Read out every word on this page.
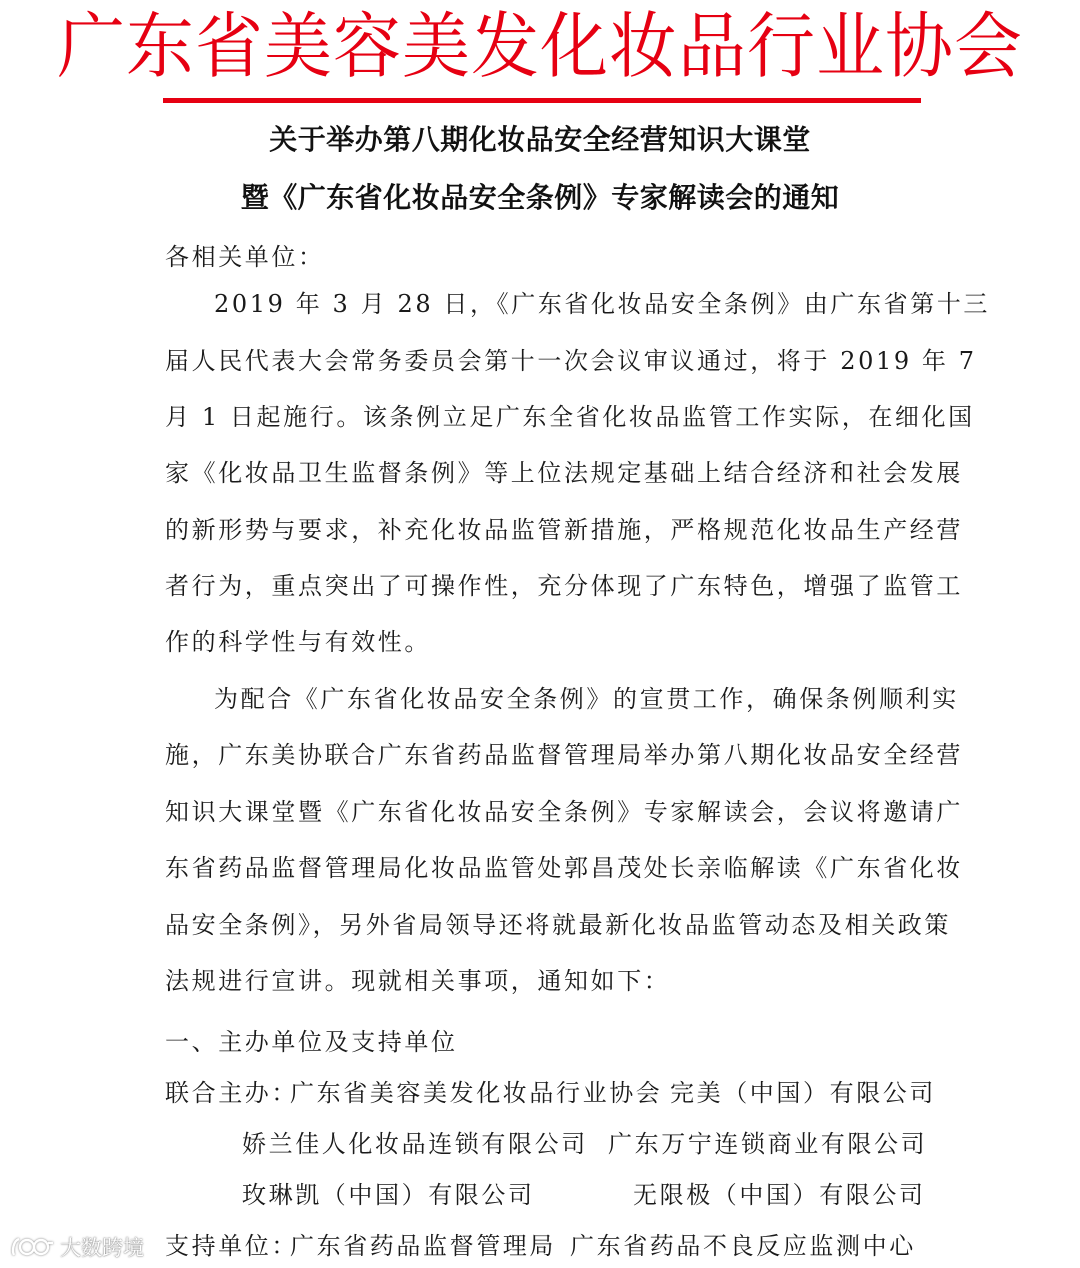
广东省美容美发化妆品行业协会
关于举办第八期化妆品安全经营知识大课堂
暨《广东省化妆品安全条例》专家解读会的通知
各相关单位：
2019 年 3 月 28 日，《广东省化妆品安全条例》由广东省第十三
届人民代表大会常务委员会第十一次会议审议通过，将于 2019 年 7
月 1 日起施行。该条例立足广东全省化妆品监管工作实际，在细化国
家《化妆品卫生监督条例》等上位法规定基础上结合经济和社会发展
的新形势与要求，补充化妆品监管新措施，严格规范化妆品生产经营
者行为，重点突出了可操作性，充分体现了广东特色，增强了监管工
作的科学性与有效性。
为配合《广东省化妆品安全条例》的宣贯工作，确保条例顺利实
施，广东美协联合广东省药品监督管理局举办第八期化妆品安全经营
知识大课堂暨《广东省化妆品安全条例》专家解读会，会议将邀请广
东省药品监督管理局化妆品监管处郭昌茂处长亲临解读《广东省化妆
品安全条例》，另外省局领导还将就最新化妆品监管动态及相关政策
法规进行宣讲。现就相关事项，通知如下：
一、主办单位及支持单位
联合主办：
广东省美容美发化妆品行业协会 完美（中国）有限公司
娇兰佳人化妆品连锁有限公司 广东万宁连锁商业有限公司
玫琳凯（中国）有限公司	无限极（中国）有限公司
支持单位：
广东省药品监督管理局 广东省药品不良反应监测中心
大数跨境
